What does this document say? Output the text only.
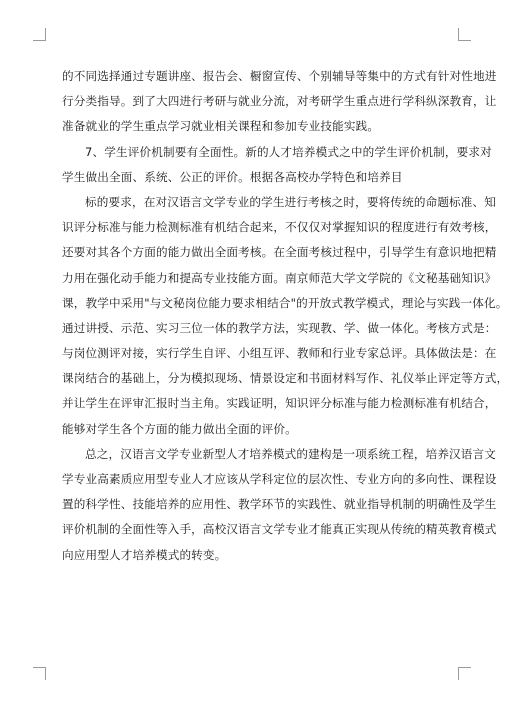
的不同选择通过专题讲座、报告会、橱窗宣传、个别辅导等集中的方式有针对性地进
行分类指导。到了大四进行考研与就业分流，对考研学生重点进行学科纵深教育，让
准备就业的学生重点学习就业相关课程和参加专业技能实践。

7、学生评价机制要有全面性。新的人才培养模式之中的学生评价机制，要求对
学生做出全面、系统、公正的评价。根据各高校办学特色和培养目

标的要求，在对汉语言文学专业的学生进行考核之时，要将传统的命题标准、知
识评分标准与能力检测标准有机结合起来，不仅仅对掌握知识的程度进行有效考核，
还要对其各个方面的能力做出全面考核。在全面考核过程中，引导学生有意识地把精
力用在强化动手能力和提高专业技能方面。南京师范大学文学院的《文秘基础知识》
课，教学中采用"与文秘岗位能力要求相结合"的开放式教学模式，理论与实践一体化。
通过讲授、示范、实习三位一体的教学方法，实现教、学、做一体化。考核方式是：
与岗位测评对接，实行学生自评、小组互评、教师和行业专家总评。具体做法是：在
课岗结合的基础上，分为模拟现场、情景设定和书面材料写作、礼仪举止评定等方式，
并让学生在评审汇报时当主角。实践证明，知识评分标准与能力检测标准有机结合，
能够对学生各个方面的能力做出全面的评价。

总之，汉语言文学专业新型人才培养模式的建构是一项系统工程，培养汉语言文
学专业高素质应用型专业人才应该从学科定位的层次性、专业方向的多向性、课程设
置的科学性、技能培养的应用性、教学环节的实践性、就业指导机制的明确性及学生
评价机制的全面性等入手，高校汉语言文学专业才能真正实现从传统的精英教育模式
向应用型人才培养模式的转变。
